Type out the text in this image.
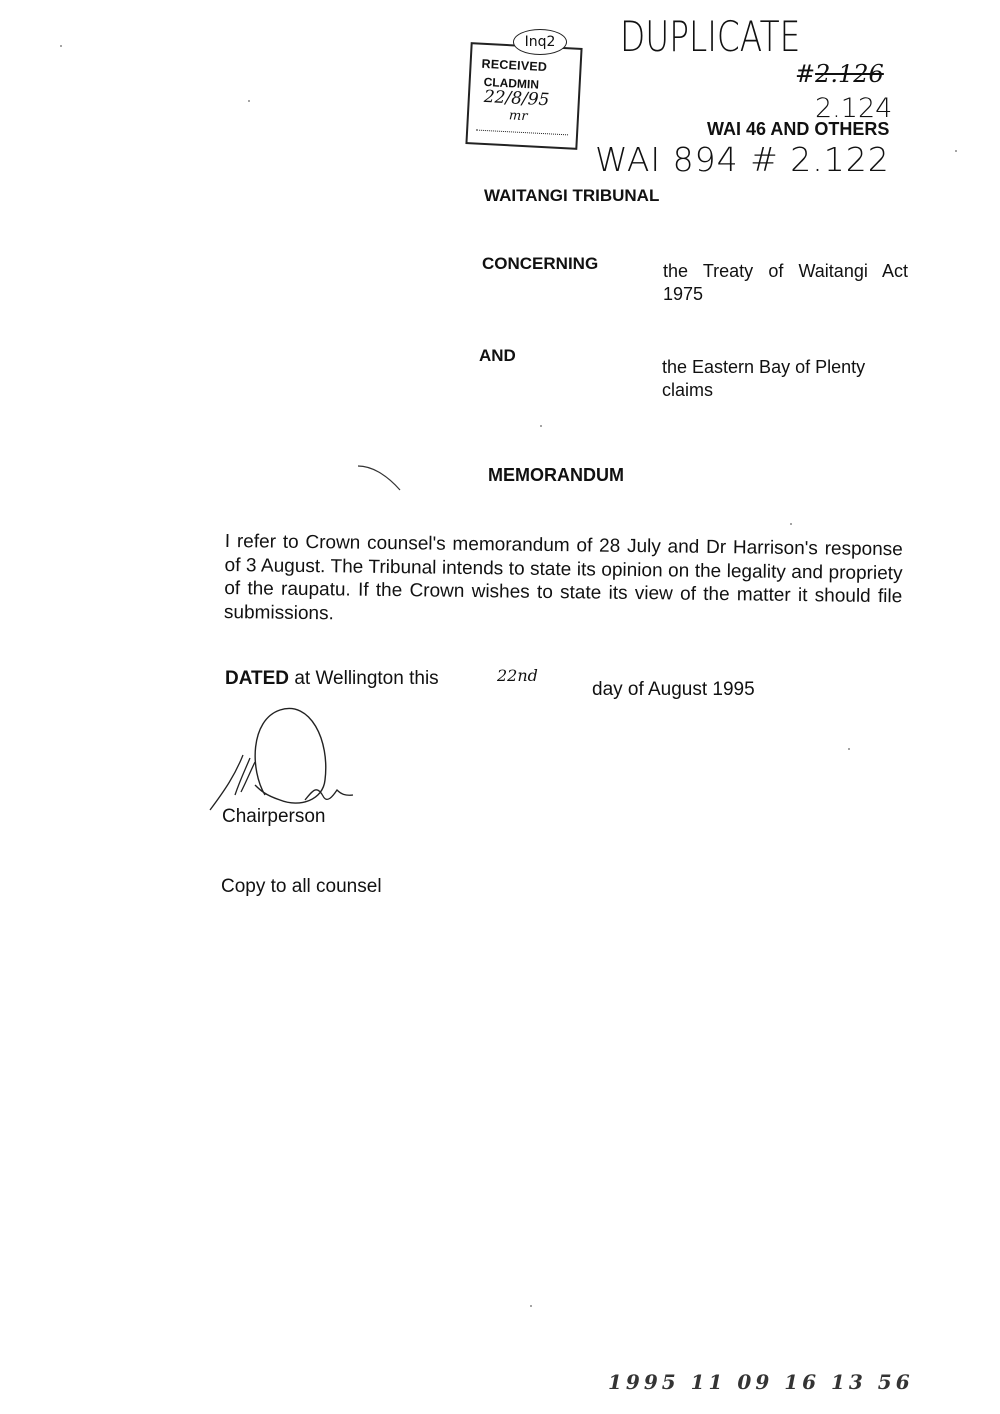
RECEIVED
CLADMIN
22/8/95
mr
Inq2 DUPLICATE
#2.126
2.124
WAI 46 AND OTHERS
WAI 894 # 2.122
WAITANGI TRIBUNAL
CONCERNING	the Treaty of Waitangi Act 1975
AND
the Eastern Bay of Plenty claims
MEMORANDUM
I refer to Crown counsel's memorandum of 28 July and Dr Harrison's response of 3 August. The Tribunal intends to state its opinion on the legality and propriety of the raupatu. If the Crown wishes to state its view of the matter it should file submissions.
DATED at Wellington this	22nd
day of August 1995
Chairperson
Copy to all counsel
1995 11 09 16 13 56
